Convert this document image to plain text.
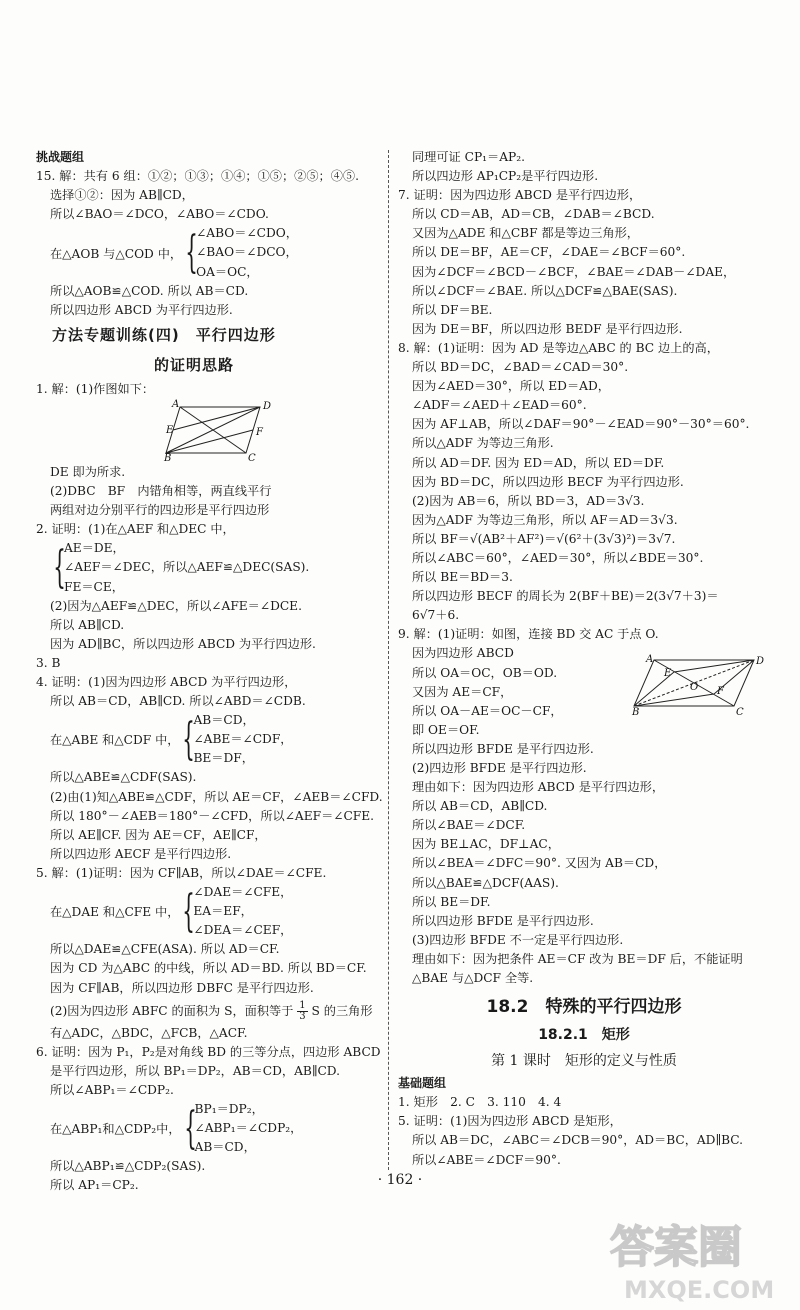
挑战题组
15. 解：共有 6 组：①②；①③；①④；①⑤；②⑤；④⑤.
选择①②：因为 AB∥CD，
所以∠BAO＝∠DCO，∠ABO＝∠CDO.
在△AOB 与△COD 中， {
∠ABO＝∠CDO，
∠BAO＝∠DCO，
OA＝OC，
所以△AOB≌△COD. 所以 AB＝CD.
所以四边形 ABCD 为平行四边形.
方法专题训练(四)　平行四边形
的证明思路
1. 解：(1)作图如下：
A	D
E	F
B	C
DE 即为所求.
(2)DBC　BF　内错角相等，两直线平行
两组对边分别平行的四边形是平行四边形
2. 证明：(1)在△AEF 和△DEC 中，
{
AE＝DE，
∠AEF＝∠DEC，所以△AEF≌△DEC(SAS).
FE＝CE，
(2)因为△AEF≌△DEC，所以∠AFE＝∠DCE.
所以 AB∥CD.
因为 AD∥BC，所以四边形 ABCD 为平行四边形.
3. B
4. 证明：(1)因为四边形 ABCD 为平行四边形，
所以 AB＝CD，AB∥CD. 所以∠ABD＝∠CDB.
在△ABE 和△CDF 中， {
AB＝CD，
∠ABE＝∠CDF，
BE＝DF，
所以△ABE≌△CDF(SAS).
(2)由(1)知△ABE≌△CDF，所以 AE＝CF，∠AEB＝∠CFD.
所以 180°－∠AEB＝180°－∠CFD，所以∠AEF＝∠CFE.
所以 AE∥CF. 因为 AE＝CF，AE∥CF，
所以四边形 AECF 是平行四边形.
5. 解：(1)证明：因为 CF∥AB，所以∠DAE＝∠CFE.
在△DAE 和△CFE 中， {
∠DAE＝∠CFE，
EA＝EF，
∠DEA＝∠CEF，
所以△DAE≌△CFE(ASA). 所以 AD＝CF.
因为 CD 为△ABC 的中线，所以 AD＝BD. 所以 BD＝CF.
因为 CF∥AB，所以四边形 DBFC 是平行四边形.
(2)因为四边形 ABFC 的面积为 S，面积等于 $\frac{1}{3}$ S 的三角形
有△ADC，△BDC，△FCB，△ACF.
6. 证明：因为 P₁，P₂是对角线 BD 的三等分点，四边形 ABCD
是平行四边形，所以 BP₁＝DP₂，AB＝CD，AB∥CD.
所以∠ABP₁＝∠CDP₂.
在△ABP₁和△CDP₂中， {
BP₁＝DP₂，
∠ABP₁＝∠CDP₂，
AB＝CD，
所以△ABP₁≌△CDP₂(SAS).
所以 AP₁＝CP₂.
同理可证 CP₁＝AP₂.
所以四边形 AP₁CP₂是平行四边形.
7. 证明：因为四边形 ABCD 是平行四边形，
所以 CD＝AB，AD＝CB，∠DAB＝∠BCD.
又因为△ADE 和△CBF 都是等边三角形，
所以 DE＝BF，AE＝CF，∠DAE＝∠BCF＝60°.
因为∠DCF＝∠BCD－∠BCF，∠BAE＝∠DAB－∠DAE，
所以∠DCF＝∠BAE. 所以△DCF≌△BAE(SAS).
所以 DF＝BE.
因为 DE＝BF，所以四边形 BEDF 是平行四边形.
8. 解：(1)证明：因为 AD 是等边△ABC 的 BC 边上的高，
所以 BD＝DC，∠BAD＝∠CAD＝30°.
因为∠AED＝30°，所以 ED＝AD，
∠ADF＝∠AED＋∠EAD＝60°.
因为 AF⊥AB，所以∠DAF＝90°－∠EAD＝90°－30°＝60°.
所以△ADF 为等边三角形.
所以 AD＝DF. 因为 ED＝AD，所以 ED＝DF.
因为 BD＝DC，所以四边形 BECF 为平行四边形.
(2)因为 AB＝6，所以 BD＝3，AD＝3√3.
因为△ADF 为等边三角形，所以 AF＝AD＝3√3.
所以 BF＝√(AB²＋AF²)＝√(6²＋(3√3)²)＝3√7.
所以∠ABC＝60°，∠AED＝30°，所以∠BDE＝30°.
所以 BE＝BD＝3.
所以四边形 BECF 的周长为 2(BF＋BE)＝2(3√7＋3)＝
6√7＋6.
9. 解：(1)证明：如图，连接 BD 交 AC 于点 O.
因为四边形 ABCD
所以 OA＝OC，OB＝OD.
又因为 AE＝CF，
所以 OA－AE＝OC－CF，
即 OE＝OF.
所以四边形 BFDE 是平行四边形.
(2)四边形 BFDE 是平行四边形.
理由如下：因为四边形 ABCD 是平行四边形，
所以 AB＝CD，AB∥CD.
所以∠BAE＝∠DCF.
因为 BE⊥AC，DF⊥AC，
所以∠BEA＝∠DFC＝90°. 又因为 AB＝CD，
所以△BAE≌△DCF(AAS).
所以 BE＝DF.
所以四边形 BFDE 是平行四边形.
(3)四边形 BFDE 不一定是平行四边形.
理由如下：因为把条件 AE＝CF 改为 BE＝DF 后，不能证明
△BAE 与△DCF 全等.
18.2　特殊的平行四边形
18.2.1　矩形
第 1 课时　矩形的定义与性质
基础题组
1. 矩形　2. C　3. 110　4. 4
5. 证明：(1)因为四边形 ABCD 是矩形，
所以 AB＝DC，∠ABC＝∠DCB＝90°，AD＝BC，AD∥BC.
所以∠ABE＝∠DCF＝90°.
A	D
E
O F
B	C
· 162 ·
答案圈
MXQE.COM
